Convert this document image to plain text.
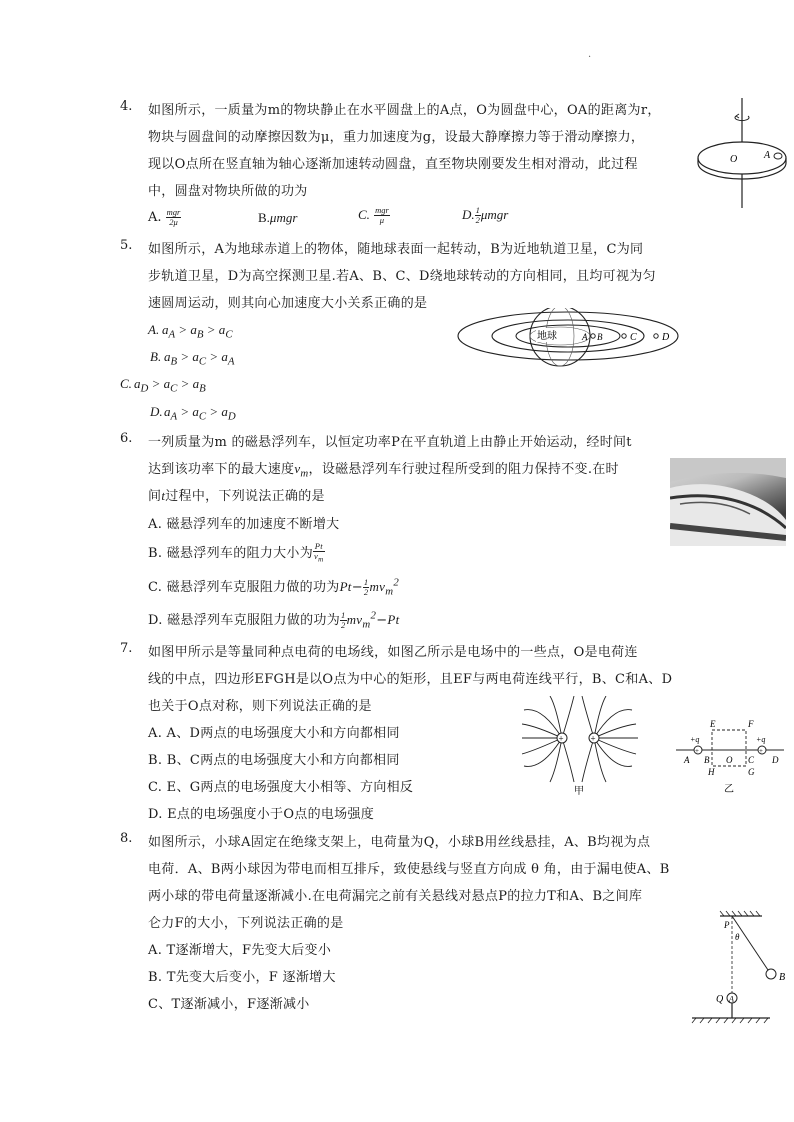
·
4. 如图所示，一质量为m的物块静止在水平圆盘上的A点，O为圆盘中心，OA的距离为r，
物块与圆盘间的动摩擦因数为μ，重力加速度为g，设最大静摩擦力等于滑动摩擦力，
现以O点所在竖直轴为轴心逐渐加速转动圆盘，直至物块刚要发生相对滑动，此过程
中，圆盘对物块所做的功为
A. $\frac{\text{mgr}}{2\mu}$	B.μmgr	C. $\frac{\text{mgr}}{\mu}$	D. $\frac{1}{2}$ μmgr
O	A
5. 如图所示，A为地球赤道上的物体，随地球表面一起转动，B为近地轨道卫星，C为同
步轨道卫星，D为高空探测卫星.若A、B、C、D绕地球转动的方向相同，且均可视为匀
速圆周运动，则其向心加速度大小关系正确的是
A. $a_A > a_B > a_C$
B. $a_B > a_C > a_A$
C. $a_D > a_C > a_B$
D. $a_A > a_C > a_D$
地球	A B	C	D
6. 一列质量为m 的磁悬浮列车，以恒定功率P在平直轨道上由静止开始运动，经时间t
达到该功率下的最大速度$v_m$，设磁悬浮列车行驶过程所受到的阻力保持不变.在时
间t过程中，下列说法正确的是
A. 磁悬浮列车的加速度不断增大
B. 磁悬浮列车的阻力大小为 $\frac{Pt}{v_m}$
C. 磁悬浮列车克服阻力做的功为$Pt- \frac{1}{2} mv_m^2$
D. 磁悬浮列车克服阻力做的功为 $\frac{1}{2} mv_m^2-Pt$
7. 如图甲所示是等量同种点电荷的电场线，如图乙所示是电场中的一些点，O是电荷连
线的中点，四边形EFGH是以O点为中心的矩形，且EF与两电荷连线平行，B、C和A、D
也关于O点对称，则下列说法正确的是
A. A、D两点的电场强度大小和方向都相同
B. B、C两点的电场强度大小和方向都相同
C. E、G两点的电场强度大小相等、方向相反
D. E点的电场强度小于O点的电场强度
+	+
甲
E	F
+q	+q
+	+
A B O C D
H	G
乙
8. 如图所示，小球A固定在绝缘支架上，电荷量为Q，小球B用丝线悬挂，A、B均视为点
电荷．A、B两小球因为带电而相互排斥，致使悬线与竖直方向成 θ 角，由于漏电使A、B
两小球的带电荷量逐渐减小.在电荷漏完之前有关悬线对悬点P的拉力T和A、B之间库
仑力F的大小，下列说法正确的是
A. T逐渐增大，F先变大后变小
B. T先变大后变小，F 逐渐增大
C、T逐渐减小，F逐渐减小
B
P
θ
A
Q
